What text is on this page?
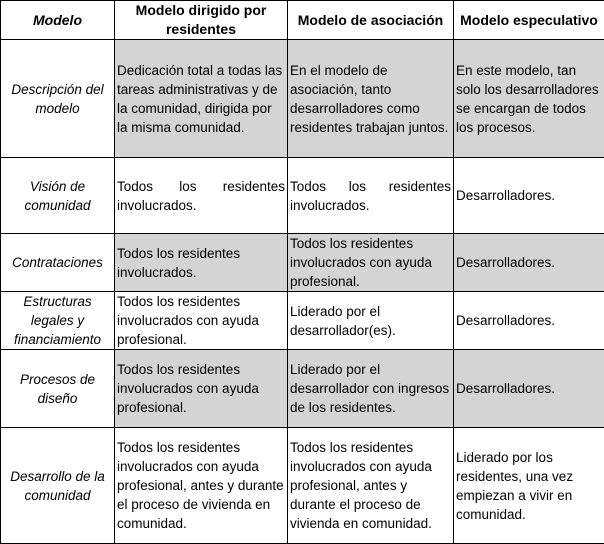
Modelo	Modelo dirigido por residentes	Modelo de asociación	Modelo especulativo
Descripción del modelo	Dedicación total a todas las tareas administrativas y de la comunidad, dirigida por la misma comunidad.	En el modelo de asociación, tanto desarrolladores como residentes trabajan juntos.	En este modelo, tan solo los desarrolladores se encargan de todos los procesos.
Visión de comunidad	Todos los residentes involucrados.	Todos los residentes involucrados.	Desarrolladores.
Contrataciones	Todos los residentes involucrados.	Todos los residentes involucrados con ayuda profesional.	Desarrolladores.
Estructuras legales y financiamiento	Todos los residentes involucrados con ayuda profesional.	Liderado por el desarrollador(es).	Desarrolladores.
Procesos de diseño	Todos los residentes involucrados con ayuda profesional.	Liderado por el desarrollador con ingresos de los residentes.	Desarrolladores.
Desarrollo de la comunidad	Todos los residentes involucrados con ayuda profesional, antes y durante el proceso de vivienda en comunidad.	Todos los residentes involucrados con ayuda profesional, antes y durante el proceso de vivienda en comunidad.	Liderado por los residentes, una vez empiezan a vivir en comunidad.
